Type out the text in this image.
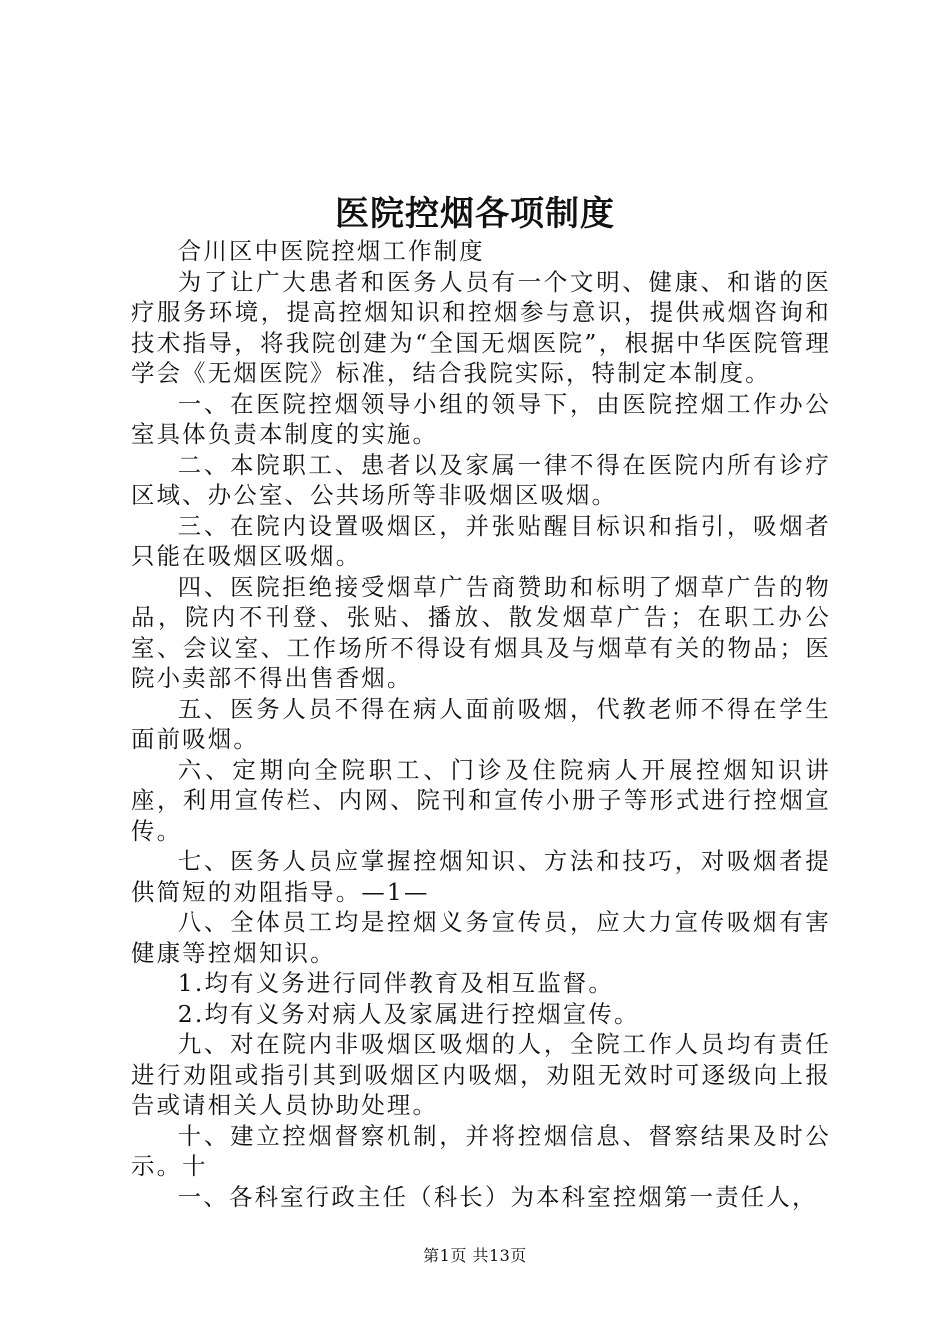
医院控烟各项制度

合川区中医院控烟工作制度

为了让广大患者和医务人员有一个文明、健康、和谐的医疗服务环境，提高控烟知识和控烟参与意识，提供戒烟咨询和技术指导，将我院创建为“全国无烟医院”，根据中华医院管理学会《无烟医院》标准，结合我院实际，特制定本制度。

一、在医院控烟领导小组的领导下，由医院控烟工作办公室具体负责本制度的实施。

二、本院职工、患者以及家属一律不得在医院内所有诊疗区域、办公室、公共场所等非吸烟区吸烟。

三、在院内设置吸烟区，并张贴醒目标识和指引，吸烟者只能在吸烟区吸烟。

四、医院拒绝接受烟草广告商赞助和标明了烟草广告的物品，院内不刊登、张贴、播放、散发烟草广告；在职工办公室、会议室、工作场所不得设有烟具及与烟草有关的物品；医院小卖部不得出售香烟。

五、医务人员不得在病人面前吸烟，代教老师不得在学生面前吸烟。

六、定期向全院职工、门诊及住院病人开展控烟知识讲座，利用宣传栏、内网、院刊和宣传小册子等形式进行控烟宣传。

七、医务人员应掌握控烟知识、方法和技巧，对吸烟者提供简短的劝阻指导。—1—

八、全体员工均是控烟义务宣传员，应大力宣传吸烟有害健康等控烟知识。

1.均有义务进行同伴教育及相互监督。

2.均有义务对病人及家属进行控烟宣传。

九、对在院内非吸烟区吸烟的人，全院工作人员均有责任进行劝阻或指引其到吸烟区内吸烟，劝阻无效时可逐级向上报告或请相关人员协助处理。

十、建立控烟督察机制，并将控烟信息、督察结果及时公示。十

一、各科室行政主任（科长）为本科室控烟第一责任人，

第1页 共13页
